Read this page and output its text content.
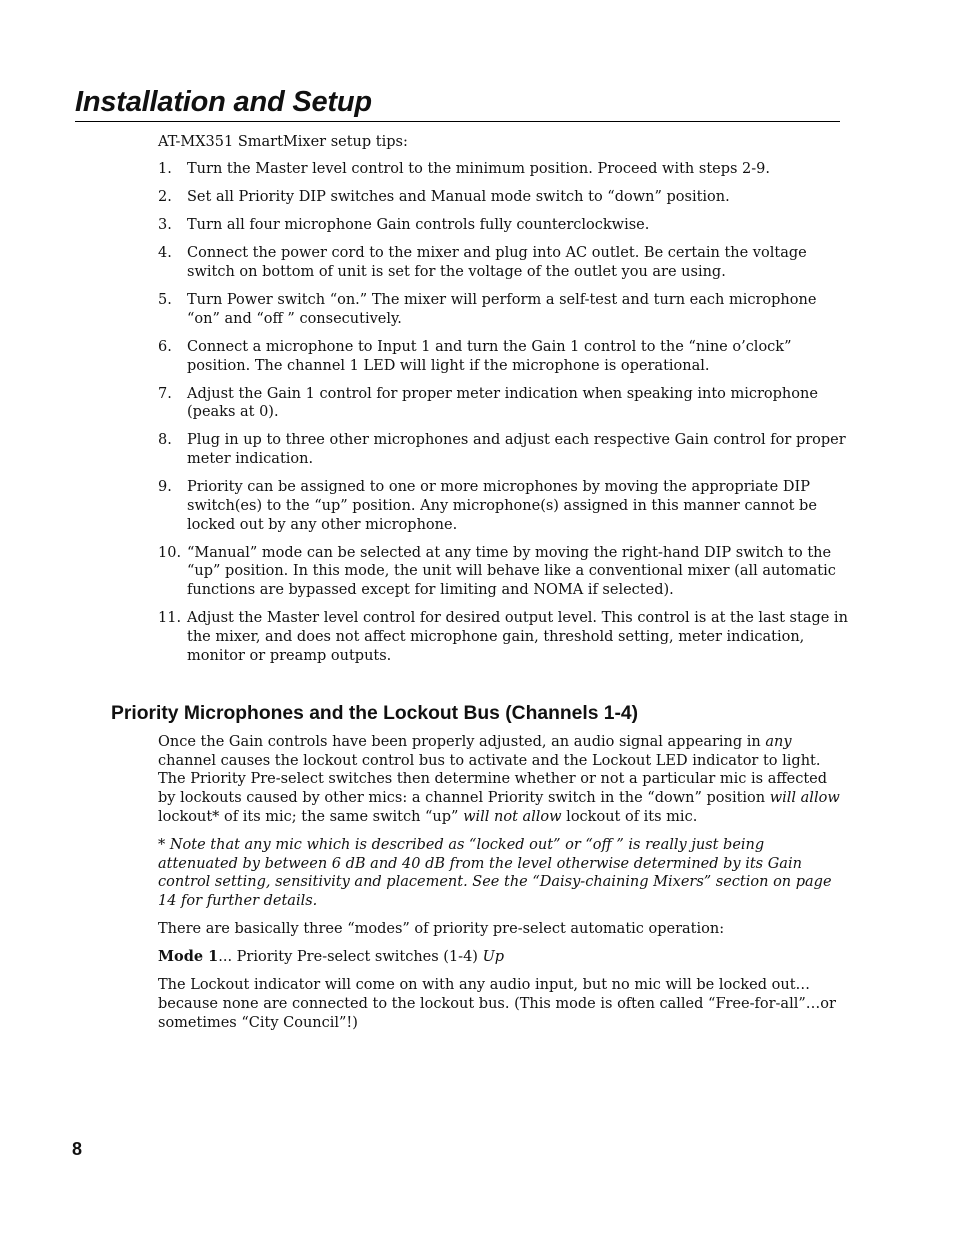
Installation and Setup

AT-MX351 SmartMixer setup tips:

1. Turn the Master level control to the minimum position. Proceed with steps 2-9.
2. Set all Priority DIP switches and Manual mode switch to “down” position.
3. Turn all four microphone Gain controls fully counterclockwise.
4. Connect the power cord to the mixer and plug into AC outlet. Be certain the voltage switch on bottom of unit is set for the voltage of the outlet you are using.
5. Turn Power switch “on.” The mixer will perform a self-test and turn each microphone “on” and “off ” consecutively.
6. Connect a microphone to Input 1 and turn the Gain 1 control to the “nine o’clock” position. The channel 1 LED will light if the microphone is operational.
7. Adjust the Gain 1 control for proper meter indication when speaking into microphone (peaks at 0).
8. Plug in up to three other microphones and adjust each respective Gain control for proper meter indication.
9. Priority can be assigned to one or more microphones by moving the appropriate DIP switch(es) to the “up” position. Any microphone(s) assigned in this manner cannot be locked out by any other microphone.
10. “Manual” mode can be selected at any time by moving the right-hand DIP switch to the “up” position. In this mode, the unit will behave like a conventional mixer (all automatic functions are bypassed except for limiting and NOMA if selected).
11. Adjust the Master level control for desired output level. This control is at the last stage in the mixer, and does not affect microphone gain, threshold setting, meter indication, monitor or preamp outputs.
Priority Microphones and the Lockout Bus (Channels 1-4)

Once the Gain controls have been properly adjusted, an audio signal appearing in any channel causes the lockout control bus to activate and the Lockout LED indicator to light. The Priority Pre-select switches then determine whether or not a particular mic is affected by lockouts caused by other mics: a channel Priority switch in the “down” position will allow lockout* of its mic; the same switch “up” will not allow lockout of its mic.

* Note that any mic which is described as “locked out” or “off ” is really just being attenuated by between 6 dB and 40 dB from the level otherwise determined by its Gain control setting, sensitivity and placement. See the “Daisy-chaining Mixers” section on page 14 for further details.

There are basically three “modes” of priority pre-select automatic operation:

Mode 1... Priority Pre-select switches (1-4) Up

The Lockout indicator will come on with any audio input, but no mic will be locked out… because none are connected to the lockout bus. (This mode is often called “Free-for-all”…or sometimes “City Council”!)

8
